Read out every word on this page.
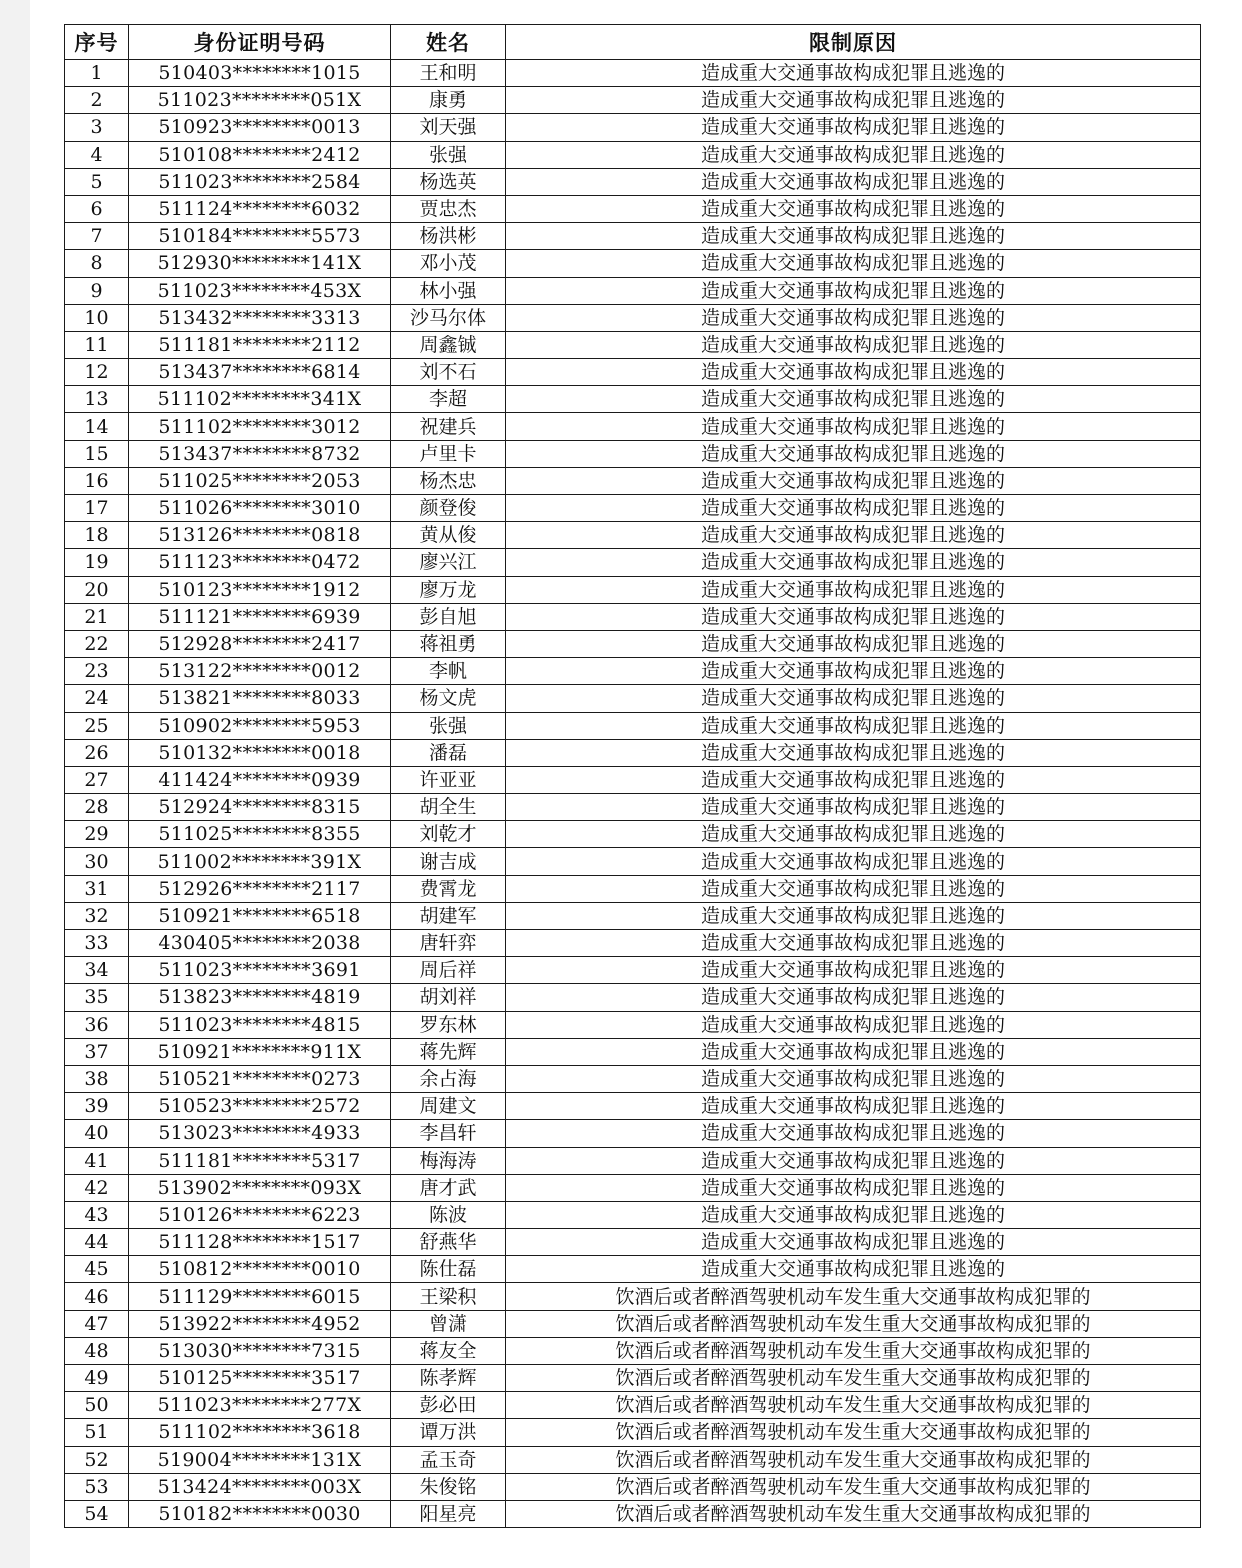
序号	身份证明号码	姓名	限制原因
1	510403********1015	王和明	造成重大交通事故构成犯罪且逃逸的
2	511023********051X	康勇	造成重大交通事故构成犯罪且逃逸的
3	510923********0013	刘天强	造成重大交通事故构成犯罪且逃逸的
4	510108********2412	张强	造成重大交通事故构成犯罪且逃逸的
5	511023********2584	杨选英	造成重大交通事故构成犯罪且逃逸的
6	511124********6032	贾忠杰	造成重大交通事故构成犯罪且逃逸的
7	510184********5573	杨洪彬	造成重大交通事故构成犯罪且逃逸的
8	512930********141X	邓小茂	造成重大交通事故构成犯罪且逃逸的
9	511023********453X	林小强	造成重大交通事故构成犯罪且逃逸的
10	513432********3313	沙马尔体	造成重大交通事故构成犯罪且逃逸的
11	511181********2112	周鑫铖	造成重大交通事故构成犯罪且逃逸的
12	513437********6814	刘不石	造成重大交通事故构成犯罪且逃逸的
13	511102********341X	李超	造成重大交通事故构成犯罪且逃逸的
14	511102********3012	祝建兵	造成重大交通事故构成犯罪且逃逸的
15	513437********8732	卢里卡	造成重大交通事故构成犯罪且逃逸的
16	511025********2053	杨杰忠	造成重大交通事故构成犯罪且逃逸的
17	511026********3010	颜登俊	造成重大交通事故构成犯罪且逃逸的
18	513126********0818	黄从俊	造成重大交通事故构成犯罪且逃逸的
19	511123********0472	廖兴江	造成重大交通事故构成犯罪且逃逸的
20	510123********1912	廖万龙	造成重大交通事故构成犯罪且逃逸的
21	511121********6939	彭自旭	造成重大交通事故构成犯罪且逃逸的
22	512928********2417	蒋祖勇	造成重大交通事故构成犯罪且逃逸的
23	513122********0012	李帆	造成重大交通事故构成犯罪且逃逸的
24	513821********8033	杨文虎	造成重大交通事故构成犯罪且逃逸的
25	510902********5953	张强	造成重大交通事故构成犯罪且逃逸的
26	510132********0018	潘磊	造成重大交通事故构成犯罪且逃逸的
27	411424********0939	许亚亚	造成重大交通事故构成犯罪且逃逸的
28	512924********8315	胡全生	造成重大交通事故构成犯罪且逃逸的
29	511025********8355	刘乾才	造成重大交通事故构成犯罪且逃逸的
30	511002********391X	谢吉成	造成重大交通事故构成犯罪且逃逸的
31	512926********2117	费霄龙	造成重大交通事故构成犯罪且逃逸的
32	510921********6518	胡建军	造成重大交通事故构成犯罪且逃逸的
33	430405********2038	唐轩弈	造成重大交通事故构成犯罪且逃逸的
34	511023********3691	周后祥	造成重大交通事故构成犯罪且逃逸的
35	513823********4819	胡刘祥	造成重大交通事故构成犯罪且逃逸的
36	511023********4815	罗东林	造成重大交通事故构成犯罪且逃逸的
37	510921********911X	蒋先辉	造成重大交通事故构成犯罪且逃逸的
38	510521********0273	余占海	造成重大交通事故构成犯罪且逃逸的
39	510523********2572	周建文	造成重大交通事故构成犯罪且逃逸的
40	513023********4933	李昌轩	造成重大交通事故构成犯罪且逃逸的
41	511181********5317	梅海涛	造成重大交通事故构成犯罪且逃逸的
42	513902********093X	唐才武	造成重大交通事故构成犯罪且逃逸的
43	510126********6223	陈波	造成重大交通事故构成犯罪且逃逸的
44	511128********1517	舒燕华	造成重大交通事故构成犯罪且逃逸的
45	510812********0010	陈仕磊	造成重大交通事故构成犯罪且逃逸的
46	511129********6015	王梁积	饮酒后或者醉酒驾驶机动车发生重大交通事故构成犯罪的
47	513922********4952	曾潇	饮酒后或者醉酒驾驶机动车发生重大交通事故构成犯罪的
48	513030********7315	蒋友全	饮酒后或者醉酒驾驶机动车发生重大交通事故构成犯罪的
49	510125********3517	陈孝辉	饮酒后或者醉酒驾驶机动车发生重大交通事故构成犯罪的
50	511023********277X	彭必田	饮酒后或者醉酒驾驶机动车发生重大交通事故构成犯罪的
51	511102********3618	谭万洪	饮酒后或者醉酒驾驶机动车发生重大交通事故构成犯罪的
52	519004********131X	孟玉奇	饮酒后或者醉酒驾驶机动车发生重大交通事故构成犯罪的
53	513424********003X	朱俊铭	饮酒后或者醉酒驾驶机动车发生重大交通事故构成犯罪的
54	510182********0030	阳星亮	饮酒后或者醉酒驾驶机动车发生重大交通事故构成犯罪的
